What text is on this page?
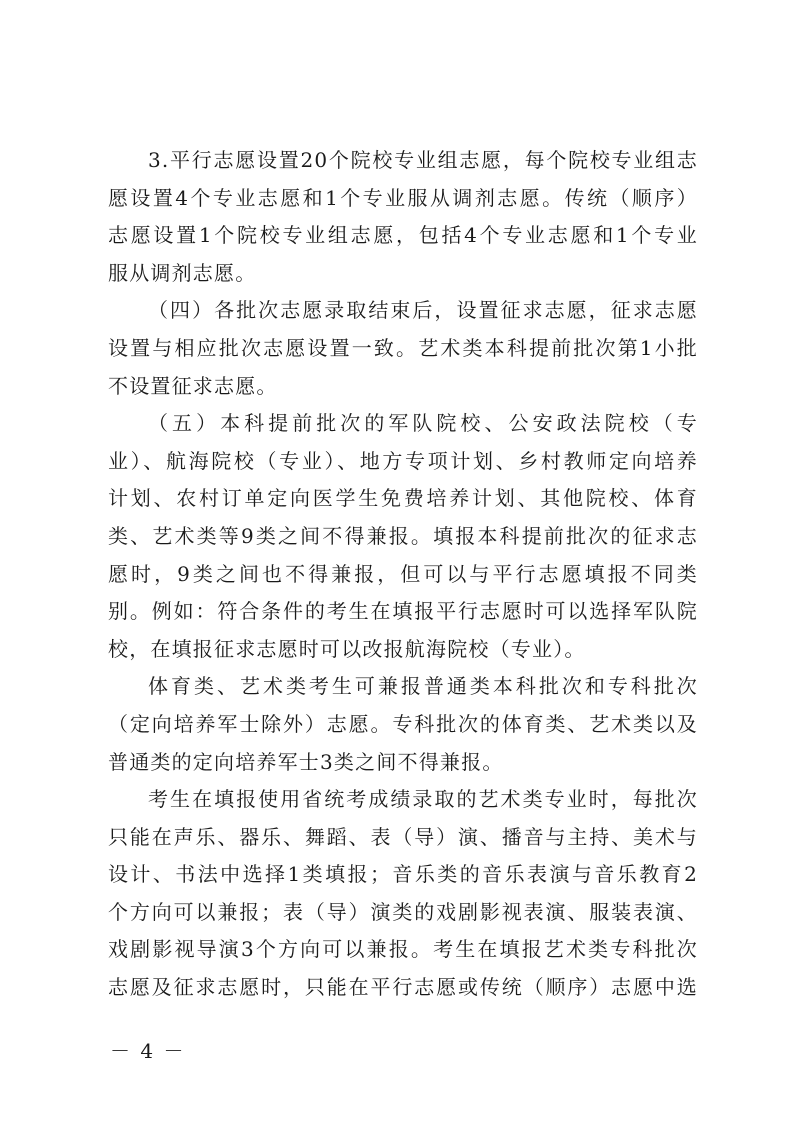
3.平行志愿设置20个院校专业组志愿，每个院校专业组志
愿设置4个专业志愿和1个专业服从调剂志愿。传统（顺序）
志愿设置1个院校专业组志愿，包括4个专业志愿和1个专业
服从调剂志愿。
（四）各批次志愿录取结束后，设置征求志愿，征求志愿
设置与相应批次志愿设置一致。艺术类本科提前批次第1小批
不设置征求志愿。
（五）本科提前批次的军队院校、公安政法院校（专
业）、航海院校（专业）、地方专项计划、乡村教师定向培养
计划、农村订单定向医学生免费培养计划、其他院校、体育
类、艺术类等9类之间不得兼报。填报本科提前批次的征求志
愿时，9类之间也不得兼报，但可以与平行志愿填报不同类
别。例如：符合条件的考生在填报平行志愿时可以选择军队院
校，在填报征求志愿时可以改报航海院校（专业）。
体育类、艺术类考生可兼报普通类本科批次和专科批次
（定向培养军士除外）志愿。专科批次的体育类、艺术类以及
普通类的定向培养军士3类之间不得兼报。
考生在填报使用省统考成绩录取的艺术类专业时，每批次
只能在声乐、器乐、舞蹈、表（导）演、播音与主持、美术与
设计、书法中选择1类填报；音乐类的音乐表演与音乐教育2
个方向可以兼报；表（导）演类的戏剧影视表演、服装表演、
戏剧影视导演3个方向可以兼报。考生在填报艺术类专科批次
志愿及征求志愿时，只能在平行志愿或传统（顺序）志愿中选
－ 4 －
